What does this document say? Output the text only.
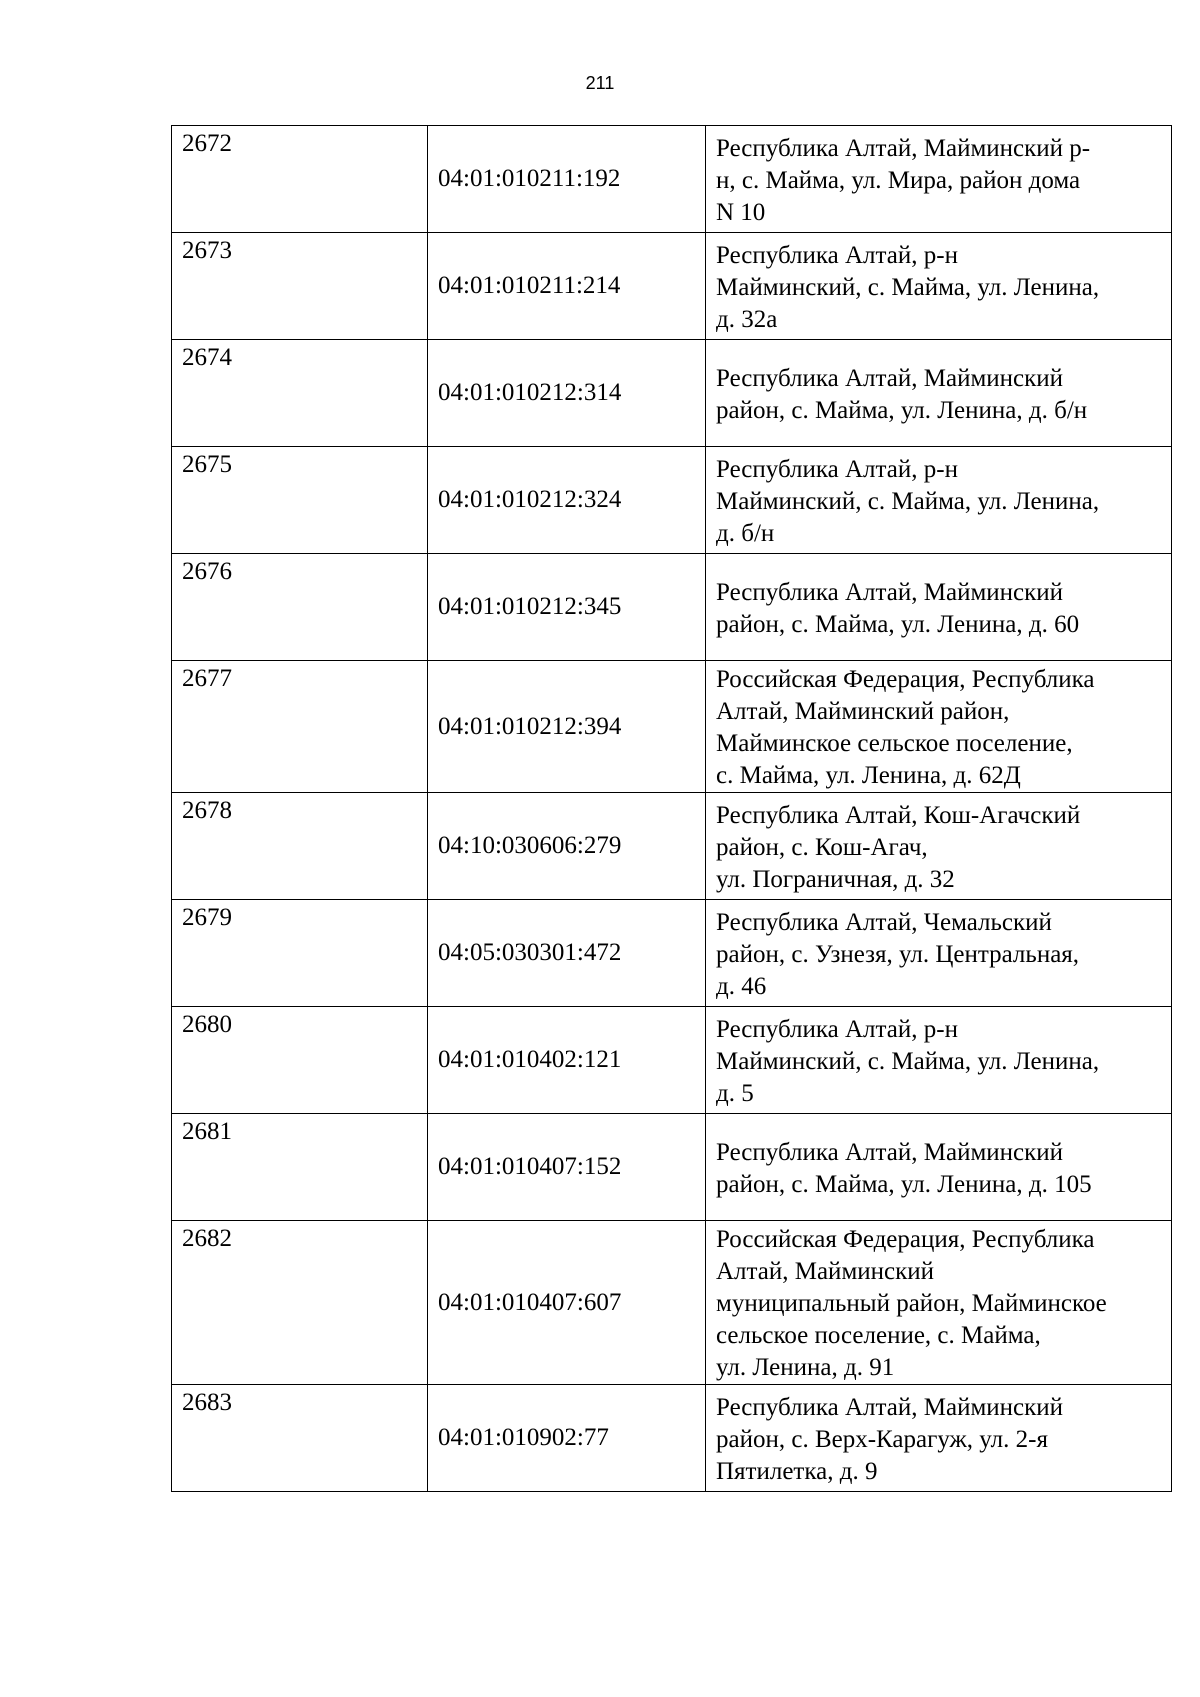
211
2672	04:01:010211:192	Республика Алтай, Майминский р-
н, с. Майма, ул. Мира, район дома
N 10

2673	04:01:010211:214	Республика Алтай, р-н
Майминский, с. Майма, ул. Ленина,
д. 32а

2674	04:01:010212:314	Республика Алтай, Майминский
район, с. Майма, ул. Ленина, д. б/н

2675	04:01:010212:324	Республика Алтай, р-н
Майминский, с. Майма, ул. Ленина,
д. б/н

2676	04:01:010212:345	Республика Алтай, Майминский
район, с. Майма, ул. Ленина, д. 60

2677	04:01:010212:394	Российская Федерация, Республика
Алтай, Майминский район,
Майминское сельское поселение,
с. Майма, ул. Ленина, д. 62Д

2678	04:10:030606:279	Республика Алтай, Кош-Агачский
район, с. Кош-Агач,
ул. Пограничная, д. 32

2679	04:05:030301:472	Республика Алтай, Чемальский
район, с. Узнезя, ул. Центральная,
д. 46

2680	04:01:010402:121	Республика Алтай, р-н
Майминский, с. Майма, ул. Ленина,
д. 5

2681	04:01:010407:152	Республика Алтай, Майминский
район, с. Майма, ул. Ленина, д. 105

2682	04:01:010407:607	Российская Федерация, Республика
Алтай, Майминский
муниципальный район, Майминское
сельское поселение, с. Майма,
ул. Ленина, д. 91

2683	04:01:010902:77	Республика Алтай, Майминский
район, с. Верх-Карагуж, ул. 2-я
Пятилетка, д. 9
